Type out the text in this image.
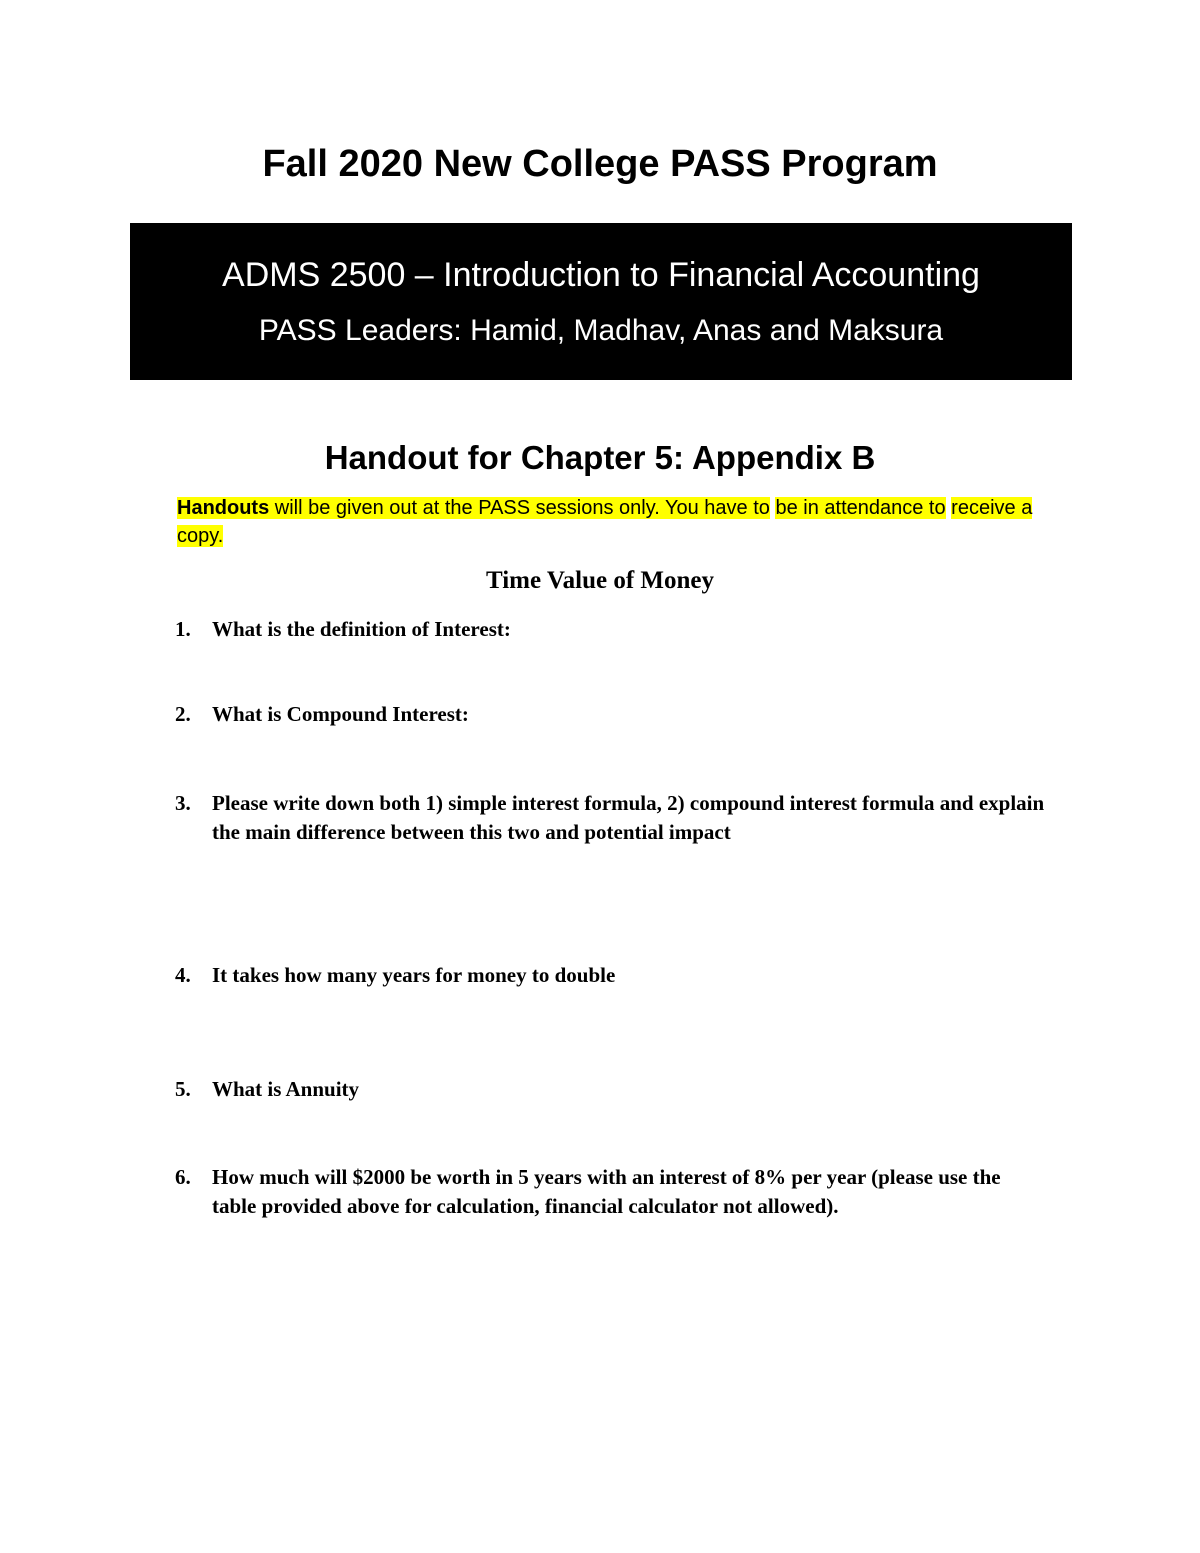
Fall 2020 New College PASS Program
ADMS 2500 – Introduction to Financial Accounting
PASS Leaders: Hamid, Madhav, Anas and Maksura
Handout for Chapter 5: Appendix B
Handouts will be given out at the PASS sessions only. You have to be in attendance to receive a copy.
Time Value of Money
1. What is the definition of Interest:
2. What is Compound Interest:
3. Please write down both 1) simple interest formula, 2) compound interest formula and explain the main difference between this two and potential impact
4. It takes how many years for money to double
5. What is Annuity
6. How much will $2000 be worth in 5 years with an interest of 8% per year (please use the table provided above for calculation, financial calculator not allowed).
